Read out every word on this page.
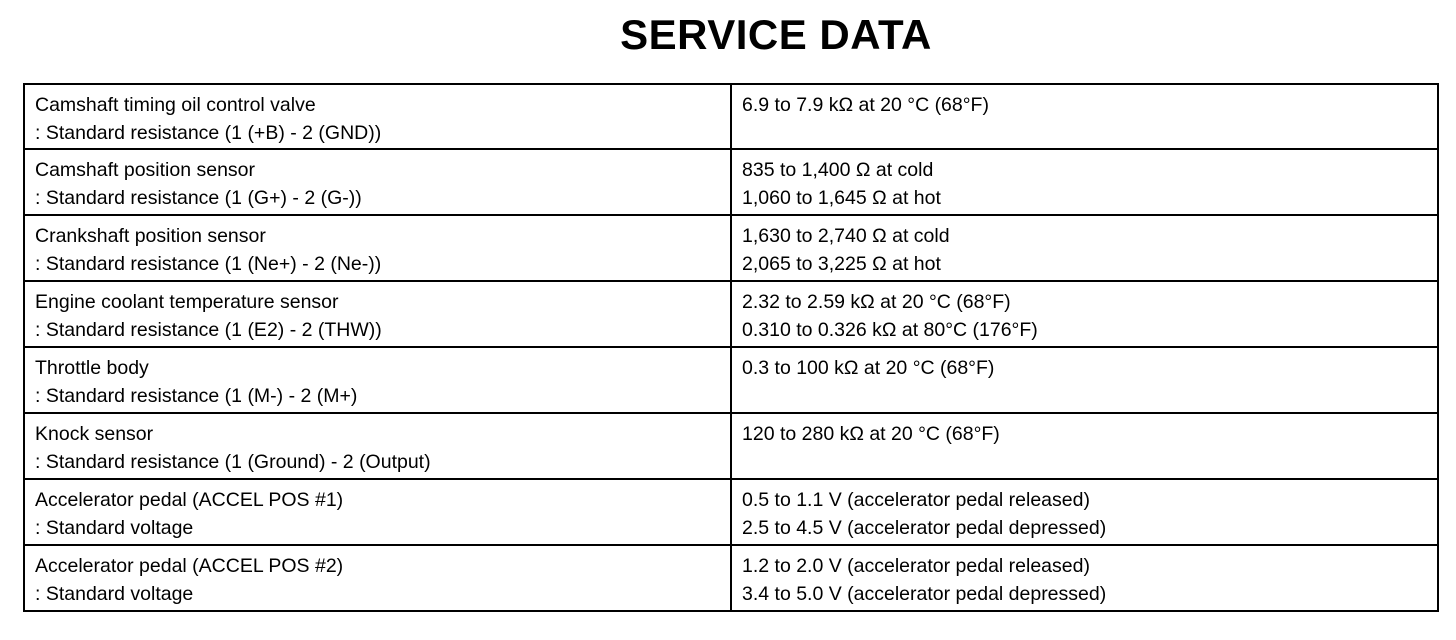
SERVICE DATA
Camshaft timing oil control valve
: Standard resistance (1 (+B) - 2 (GND))	6.9 to 7.9 kΩ at 20 °C (68°F)

Camshaft position sensor
: Standard resistance (1 (G+) - 2 (G-))	835 to 1,400 Ω at cold
1,060 to 1,645 Ω at hot

Crankshaft position sensor
: Standard resistance (1 (Ne+) - 2 (Ne-))	1,630 to 2,740 Ω at cold
2,065 to 3,225 Ω at hot

Engine coolant temperature sensor
: Standard resistance (1 (E2) - 2 (THW))	2.32 to 2.59 kΩ at 20 °C (68°F)
0.310 to 0.326 kΩ at 80°C (176°F)

Throttle body
: Standard resistance (1 (M-) - 2 (M+)	0.3 to 100 kΩ at 20 °C (68°F)

Knock sensor
: Standard resistance (1 (Ground) - 2 (Output)	120 to 280 kΩ at 20 °C (68°F)

Accelerator pedal (ACCEL POS #1)
: Standard voltage	0.5 to 1.1 V (accelerator pedal released)
2.5 to 4.5 V (accelerator pedal depressed)

Accelerator pedal (ACCEL POS #2)
: Standard voltage	1.2 to 2.0 V (accelerator pedal released)
3.4 to 5.0 V (accelerator pedal depressed)
